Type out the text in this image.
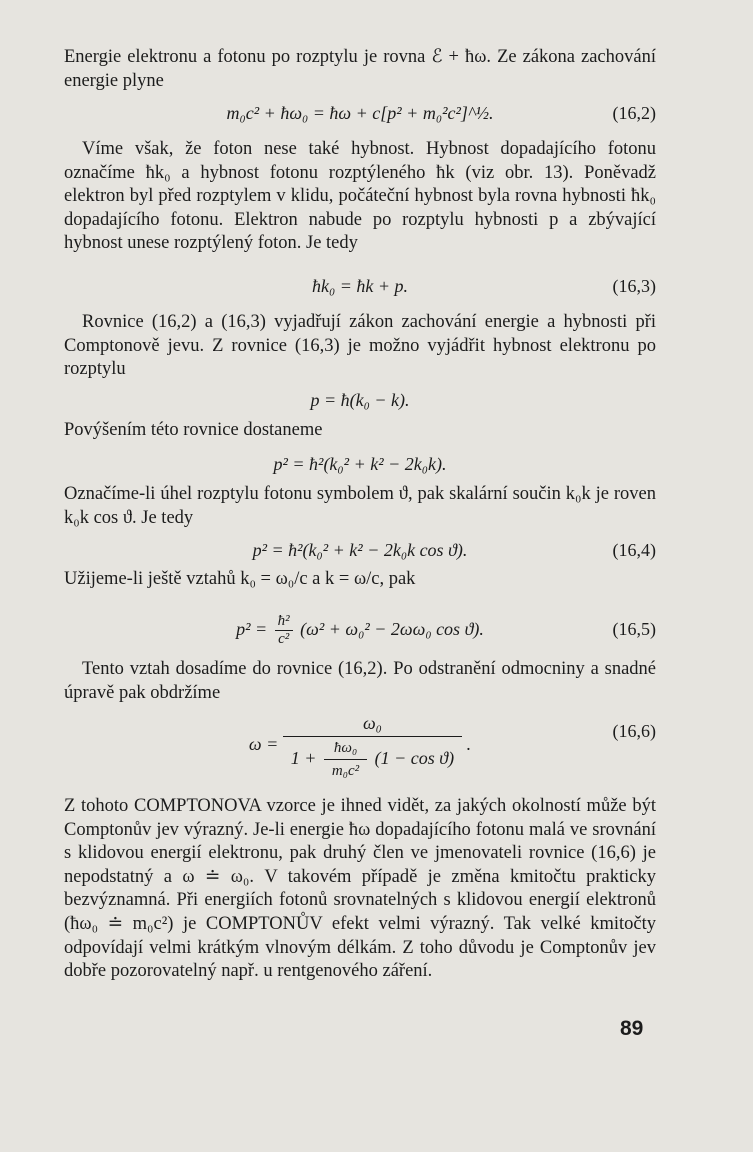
Energie elektronu a fotonu po rozptylu je rovna ℰ + ħω. Ze zákona zachování energie plyne

m₀c² + ħω₀ = ħω + c[p² + m₀²c²]^½.	(16,2)

Víme však, že foton nese také hybnost. Hybnost dopadajícího fotonu označíme ħk₀ a hybnost fotonu rozptýleného ħk (viz obr. 13). Poněvadž elektron byl před rozptylem v klidu, počáteční hybnost byla rovna hybnosti ħk₀ dopadajícího fotonu. Elektron nabude po rozptylu hybnosti p a zbývající hybnost unese rozptýlený foton. Je tedy

ħk₀ = ħk + p.	(16,3)

Rovnice (16,2) a (16,3) vyjadřují zákon zachování energie a hybnosti při Comptonově jevu. Z rovnice (16,3) je možno vyjádřit hybnost elektronu po rozptylu

p = ħ(k₀ − k).

Povýšením této rovnice dostaneme

p² = ħ²(k₀² + k² − 2k₀k).

Označíme-li úhel rozptylu fotonu symbolem ϑ, pak skalární součin k₀k je roven k₀k cos ϑ. Je tedy

p² = ħ²(k₀² + k² − 2k₀k cos ϑ).	(16,4)

Užijeme-li ještě vztahů k₀ = ω₀/c a k = ω/c, pak

$p^2 = \frac{\text{ħ²}}{\text{c²}} (\omega^2 + \omega_0^2 - 2\omega\omega_0$ cos ϑ).	(16,5)

Tento vztah dosadíme do rovnice (16,2). Po odstranění odmocniny a snadné úpravě pak obdržíme

ω =
ω₀
$1 + \frac{\text{ħω₀}}{\text{m₀c²}} (1 - \cos ϑ)$
.
(16,6)

Z tohoto COMPTONOVA vzorce je ihned vidět, za jakých okolností může být Comptonův jev výrazný. Je-li energie ħω dopadajícího fotonu malá ve srovnání s klidovou energií elektronu, pak druhý člen ve jmenovateli rovnice (16,6) je nepodstatný a ω ≐ ω₀. V takovém případě je změna kmitočtu prakticky bezvýznamná. Při energiích fotonů srovnatelných s klidovou energií elektronů (ħω₀ ≐ m₀c²) je COMPTONŮV efekt velmi výrazný. Tak velké kmitočty odpovídají velmi krátkým vlnovým délkám. Z toho důvodu je Comptonův jev dobře pozorovatelný např. u rentgenového záření.

89
